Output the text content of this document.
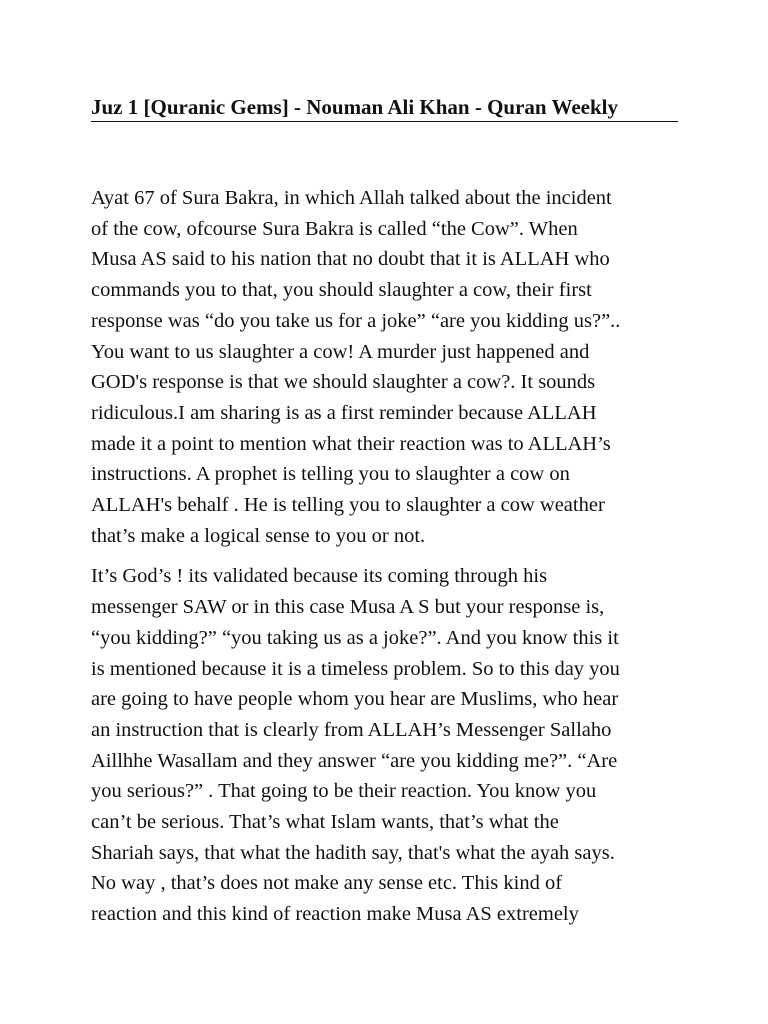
Juz 1 [Quranic Gems] - Nouman Ali Khan - Quran Weekly

Ayat 67 of Sura Bakra, in which Allah talked about the incident
of the cow, ofcourse Sura Bakra is called “the Cow”. When
Musa AS said to his nation that no doubt that it is ALLAH who
commands you to that, you should slaughter a cow, their first
response was “do you take us for a joke” “are you kidding us?”..
You want to us slaughter a cow! A murder just happened and
GOD's response is that we should slaughter a cow?. It sounds
ridiculous.I am sharing is as a first reminder because ALLAH
made it a point to mention what their reaction was to ALLAH’s
instructions. A prophet is telling you to slaughter a cow on
ALLAH's behalf . He is telling you to slaughter a cow weather
that’s make a logical sense to you or not.

It’s God’s ! its validated because its coming through his
messenger SAW or in this case Musa A S but your response is,
“you kidding?” “you taking us as a joke?”. And you know this it
is mentioned because it is a timeless problem. So to this day you
are going to have people whom you hear are Muslims, who hear
an instruction that is clearly from ALLAH’s Messenger Sallaho
Aillhhe Wasallam and they answer “are you kidding me?”. “Are
you serious?” . That going to be their reaction. You know you
can’t be serious. That’s what Islam wants, that’s what the
Shariah says, that what the hadith say, that's what the ayah says.
No way , that’s does not make any sense etc. This kind of
reaction and this kind of reaction make Musa AS extremely
